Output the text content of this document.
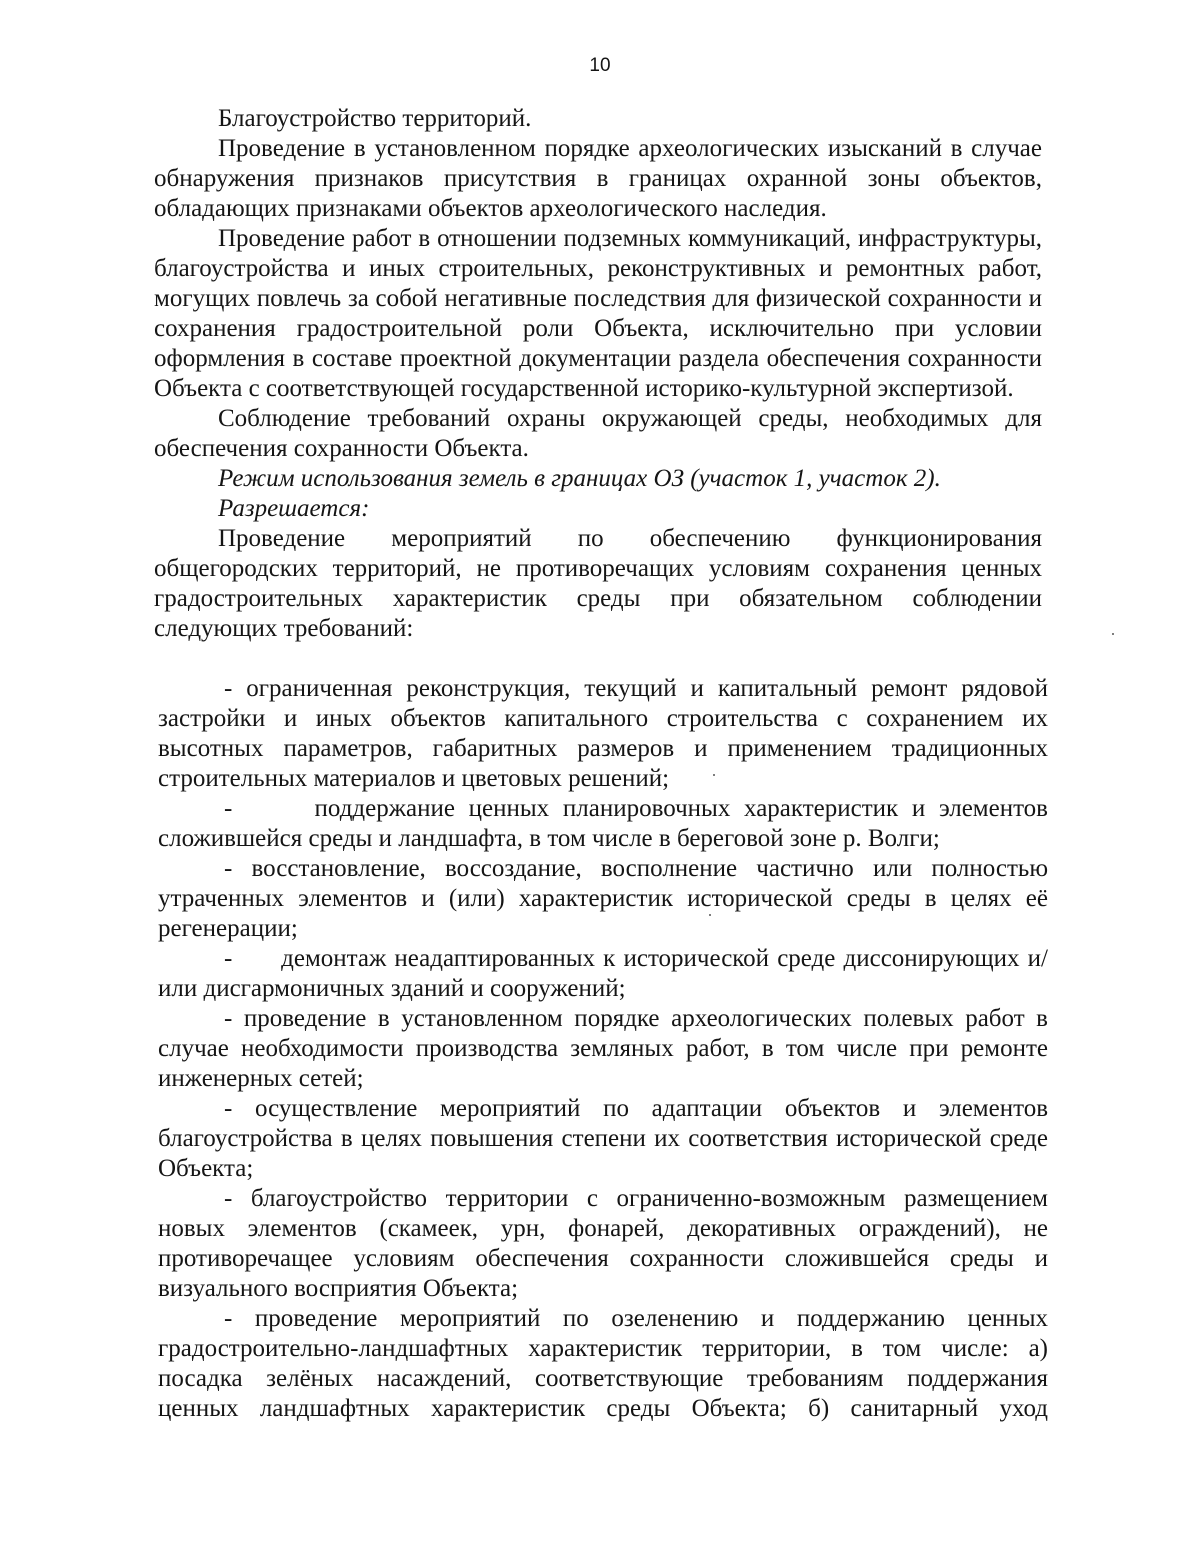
10

Благоустройство территорий.

Проведение в установленном порядке археологических изысканий в случае обнаружения признаков присутствия в границах охранной зоны объектов, обладающих признаками объектов археологического наследия.

Проведение работ в отношении подземных коммуникаций, инфраструктуры, благоустройства и иных строительных, реконструктивных и ремонтных работ, могущих повлечь за собой негативные последствия для физической сохранности и сохранения градостроительной роли Объекта, исключительно при условии оформления в составе проектной документации раздела обеспечения сохранности Объекта с соответствующей государственной историко-культурной экспертизой.

Соблюдение требований охраны окружающей среды, необходимых для обеспечения сохранности Объекта.

Режим использования земель в границах ОЗ (участок 1, участок 2).

Разрешается:

Проведение мероприятий по обеспечению функционирования общегородских территорий, не противоречащих условиям сохранения ценных градостроительных характеристик среды при обязательном соблюдении следующих требований:

- ограниченная реконструкция, текущий и капитальный ремонт рядовой застройки и иных объектов капитального строительства с сохранением их высотных параметров, габаритных размеров и применением традиционных строительных материалов и цветовых решений;

-      поддержание ценных планировочных характеристик и элементов сложившейся среды и ландшафта, в том числе в береговой зоне р. Волги;

- восстановление, воссоздание, восполнение частично или полностью утраченных элементов и (или) характеристик исторической среды в целях её регенерации;

-      демонтаж неадаптированных к исторической среде диссонирующих и/или дисгармоничных зданий и сооружений;

- проведение в установленном порядке археологических полевых работ в случае необходимости производства земляных работ, в том числе при ремонте инженерных сетей;

- осуществление мероприятий по адаптации объектов и элементов благоустройства в целях повышения степени их соответствия исторической среде Объекта;

- благоустройство территории с ограниченно-возможным размещением новых элементов (скамеек, урн, фонарей, декоративных ограждений), не противоречащее условиям обеспечения сохранности сложившейся среды и визуального восприятия Объекта;

- проведение мероприятий по озеленению и поддержанию ценных градостроительно-ландшафтных характеристик территории, в том числе: а) посадка зелёных насаждений, соответствующие требованиям поддержания ценных ландшафтных характеристик среды Объекта; б) санитарный уход
